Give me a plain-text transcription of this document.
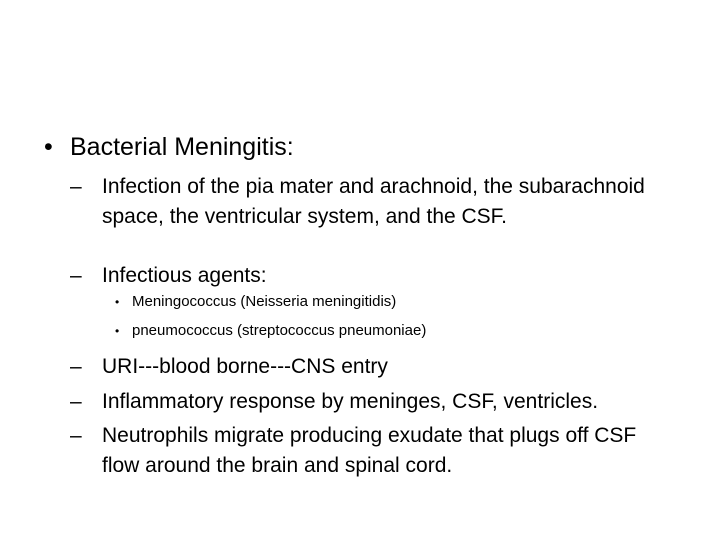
• Bacterial Meningitis:
– Infection of the pia mater and arachnoid, the subarachnoid space, the ventricular system, and the CSF.
– Infectious agents:
• Meningococcus (Neisseria meningitidis)
• pneumococcus (streptococcus pneumoniae)
– URI---blood borne---CNS entry
– Inflammatory response by meninges, CSF, ventricles.
– Neutrophils migrate producing exudate that plugs off CSF flow around the brain and spinal cord.
